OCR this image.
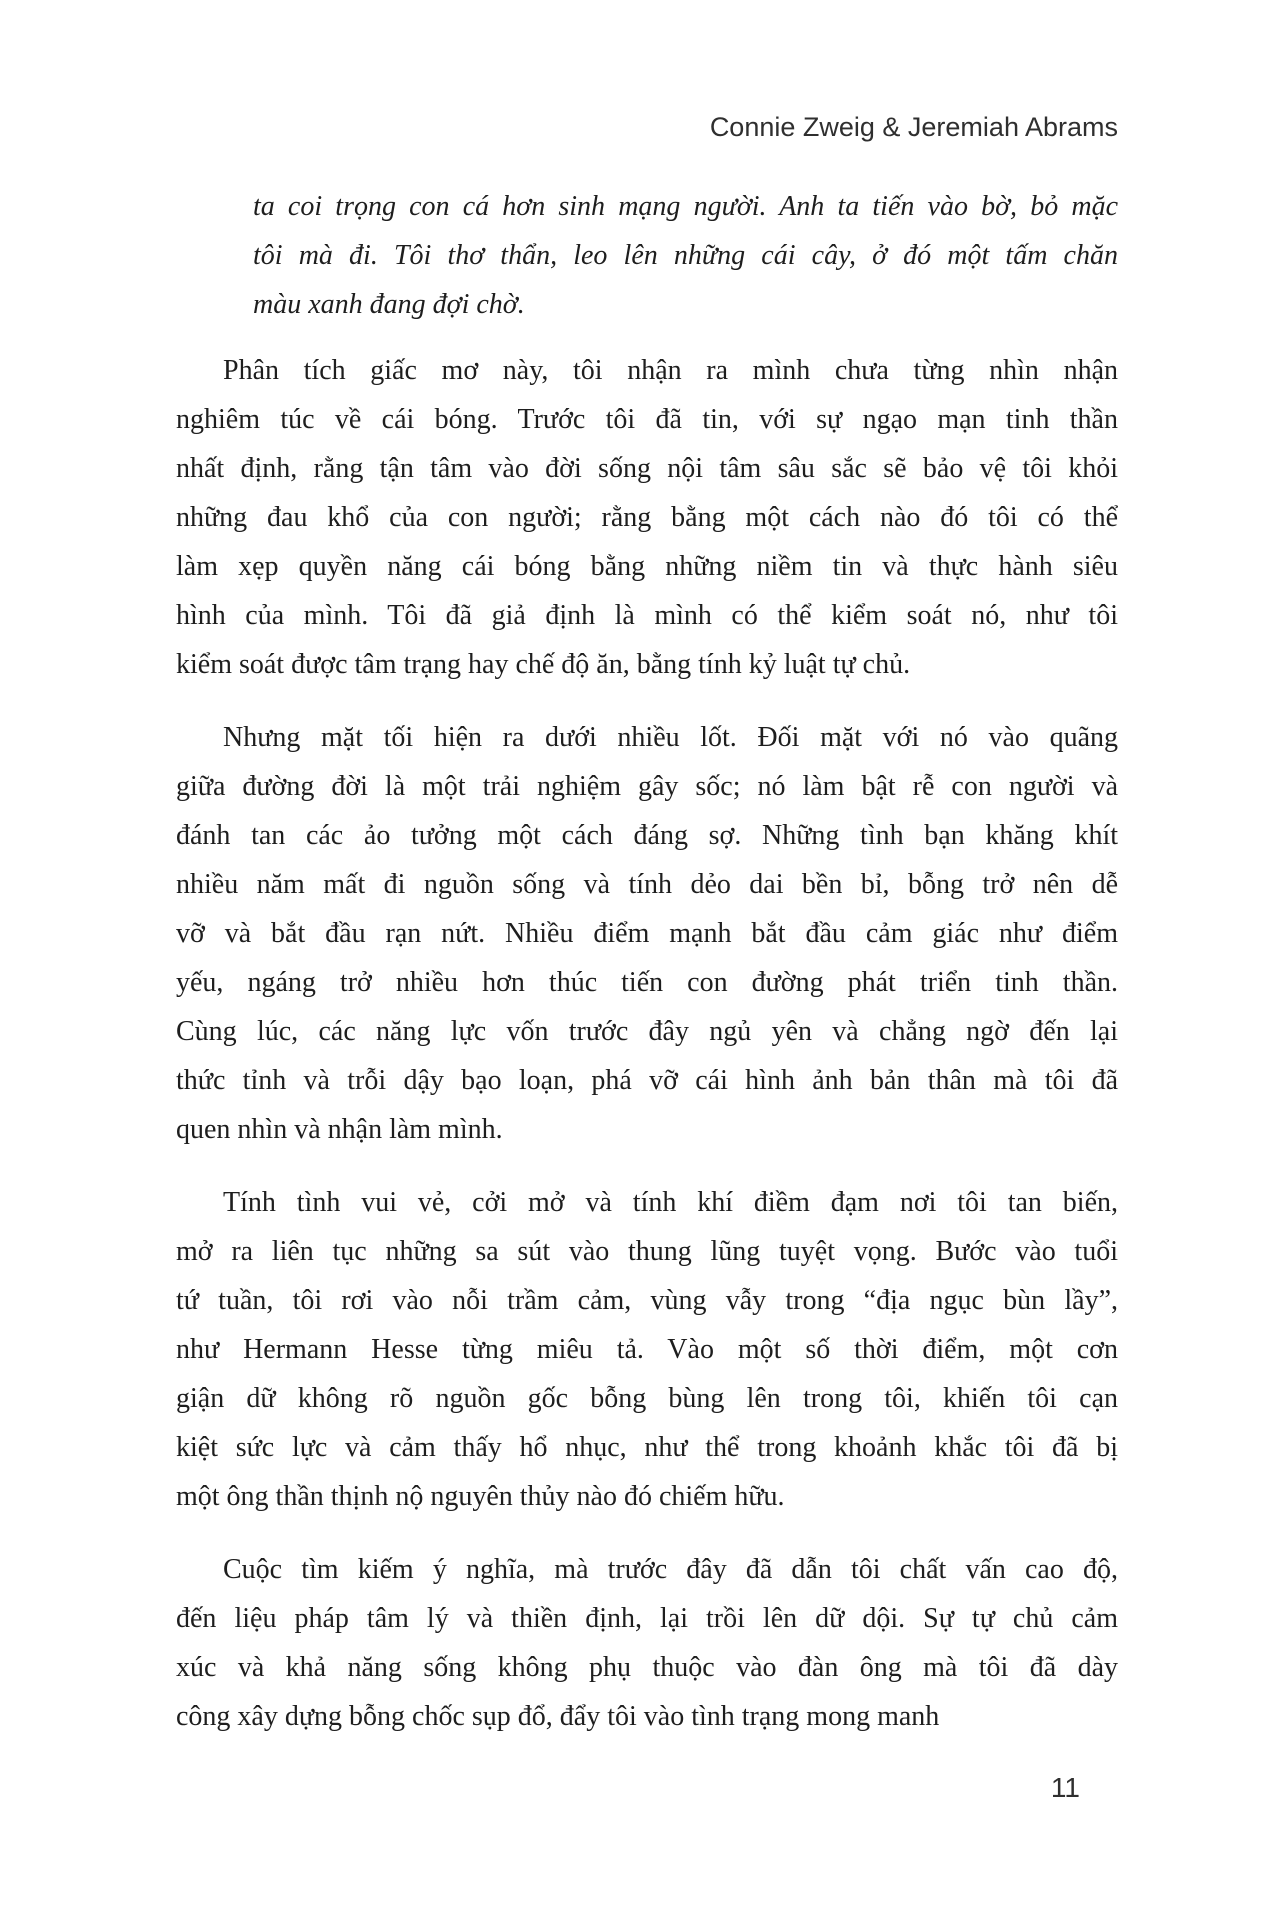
Connie Zweig & Jeremiah Abrams
ta coi trọng con cá hơn sinh mạng người. Anh ta tiến vào bờ, bỏ mặc
tôi mà đi. Tôi thơ thẩn, leo lên những cái cây, ở đó một tấm chăn
màu xanh đang đợi chờ.
Phân tích giấc mơ này, tôi nhận ra mình chưa từng nhìn nhận
nghiêm túc về cái bóng. Trước tôi đã tin, với sự ngạo mạn tinh thần
nhất định, rằng tận tâm vào đời sống nội tâm sâu sắc sẽ bảo vệ tôi khỏi
những đau khổ của con người; rằng bằng một cách nào đó tôi có thể
làm xẹp quyền năng cái bóng bằng những niềm tin và thực hành siêu
hình của mình. Tôi đã giả định là mình có thể kiểm soát nó, như tôi
kiểm soát được tâm trạng hay chế độ ăn, bằng tính kỷ luật tự chủ.
Nhưng mặt tối hiện ra dưới nhiều lốt. Đối mặt với nó vào quãng
giữa đường đời là một trải nghiệm gây sốc; nó làm bật rễ con người và
đánh tan các ảo tưởng một cách đáng sợ. Những tình bạn khăng khít
nhiều năm mất đi nguồn sống và tính dẻo dai bền bỉ, bỗng trở nên dễ
vỡ và bắt đầu rạn nứt. Nhiều điểm mạnh bắt đầu cảm giác như điểm
yếu, ngáng trở nhiều hơn thúc tiến con đường phát triển tinh thần.
Cùng lúc, các năng lực vốn trước đây ngủ yên và chẳng ngờ đến lại
thức tỉnh và trỗi dậy bạo loạn, phá vỡ cái hình ảnh bản thân mà tôi đã
quen nhìn và nhận làm mình.
Tính tình vui vẻ, cởi mở và tính khí điềm đạm nơi tôi tan biến,
mở ra liên tục những sa sút vào thung lũng tuyệt vọng. Bước vào tuổi
tứ tuần, tôi rơi vào nỗi trầm cảm, vùng vẫy trong “địa ngục bùn lầy”,
như Hermann Hesse từng miêu tả. Vào một số thời điểm, một cơn
giận dữ không rõ nguồn gốc bỗng bùng lên trong tôi, khiến tôi cạn
kiệt sức lực và cảm thấy hổ nhục, như thể trong khoảnh khắc tôi đã bị
một ông thần thịnh nộ nguyên thủy nào đó chiếm hữu.
Cuộc tìm kiếm ý nghĩa, mà trước đây đã dẫn tôi chất vấn cao độ,
đến liệu pháp tâm lý và thiền định, lại trồi lên dữ dội. Sự tự chủ cảm
xúc và khả năng sống không phụ thuộc vào đàn ông mà tôi đã dày
công xây dựng bỗng chốc sụp đổ, đẩy tôi vào tình trạng mong manh
11
